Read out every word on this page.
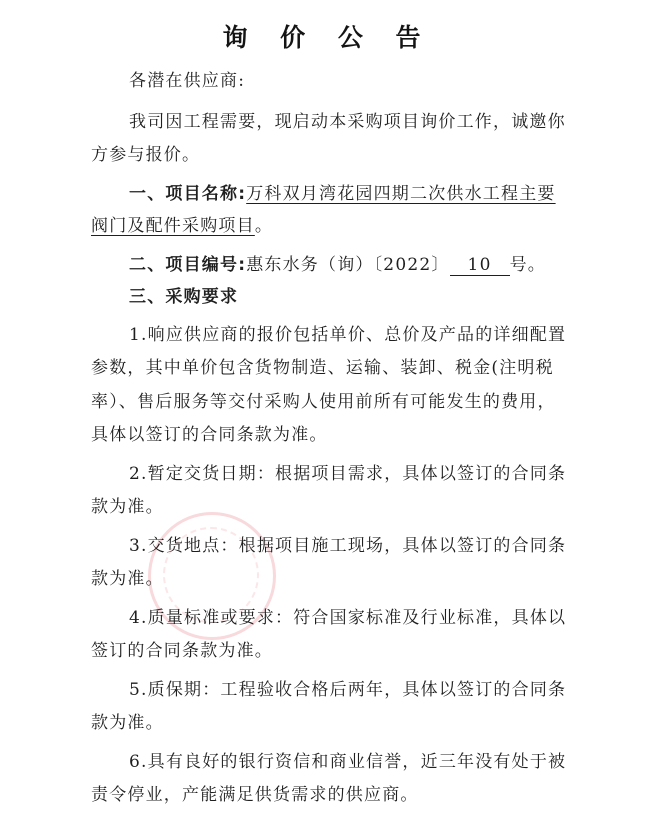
询 价 公 告
各潜在供应商:
我司因工程需要，现启动本采购项目询价工作，诚邀你
方参与报价。
一、项目名称:万科双月湾花园四期二次供水工程主要
阀门及配件采购项目。
二、项目编号:惠东水务（询）〔2022〕 10 号。
三、采购要求
1.响应供应商的报价包括单价、总价及产品的详细配置
参数，其中单价包含货物制造、运输、装卸、税金(注明税
率）、售后服务等交付采购人使用前所有可能发生的费用，
具体以签订的合同条款为准。
2.暂定交货日期：根据项目需求，具体以签订的合同条
款为准。
3.交货地点：根据项目施工现场，具体以签订的合同条
款为准。
4.质量标准或要求：符合国家标准及行业标准，具体以
签订的合同条款为准。
5.质保期：工程验收合格后两年，具体以签订的合同条
款为准。
6.具有良好的银行资信和商业信誉，近三年没有处于被
责令停业，产能满足供货需求的供应商。
